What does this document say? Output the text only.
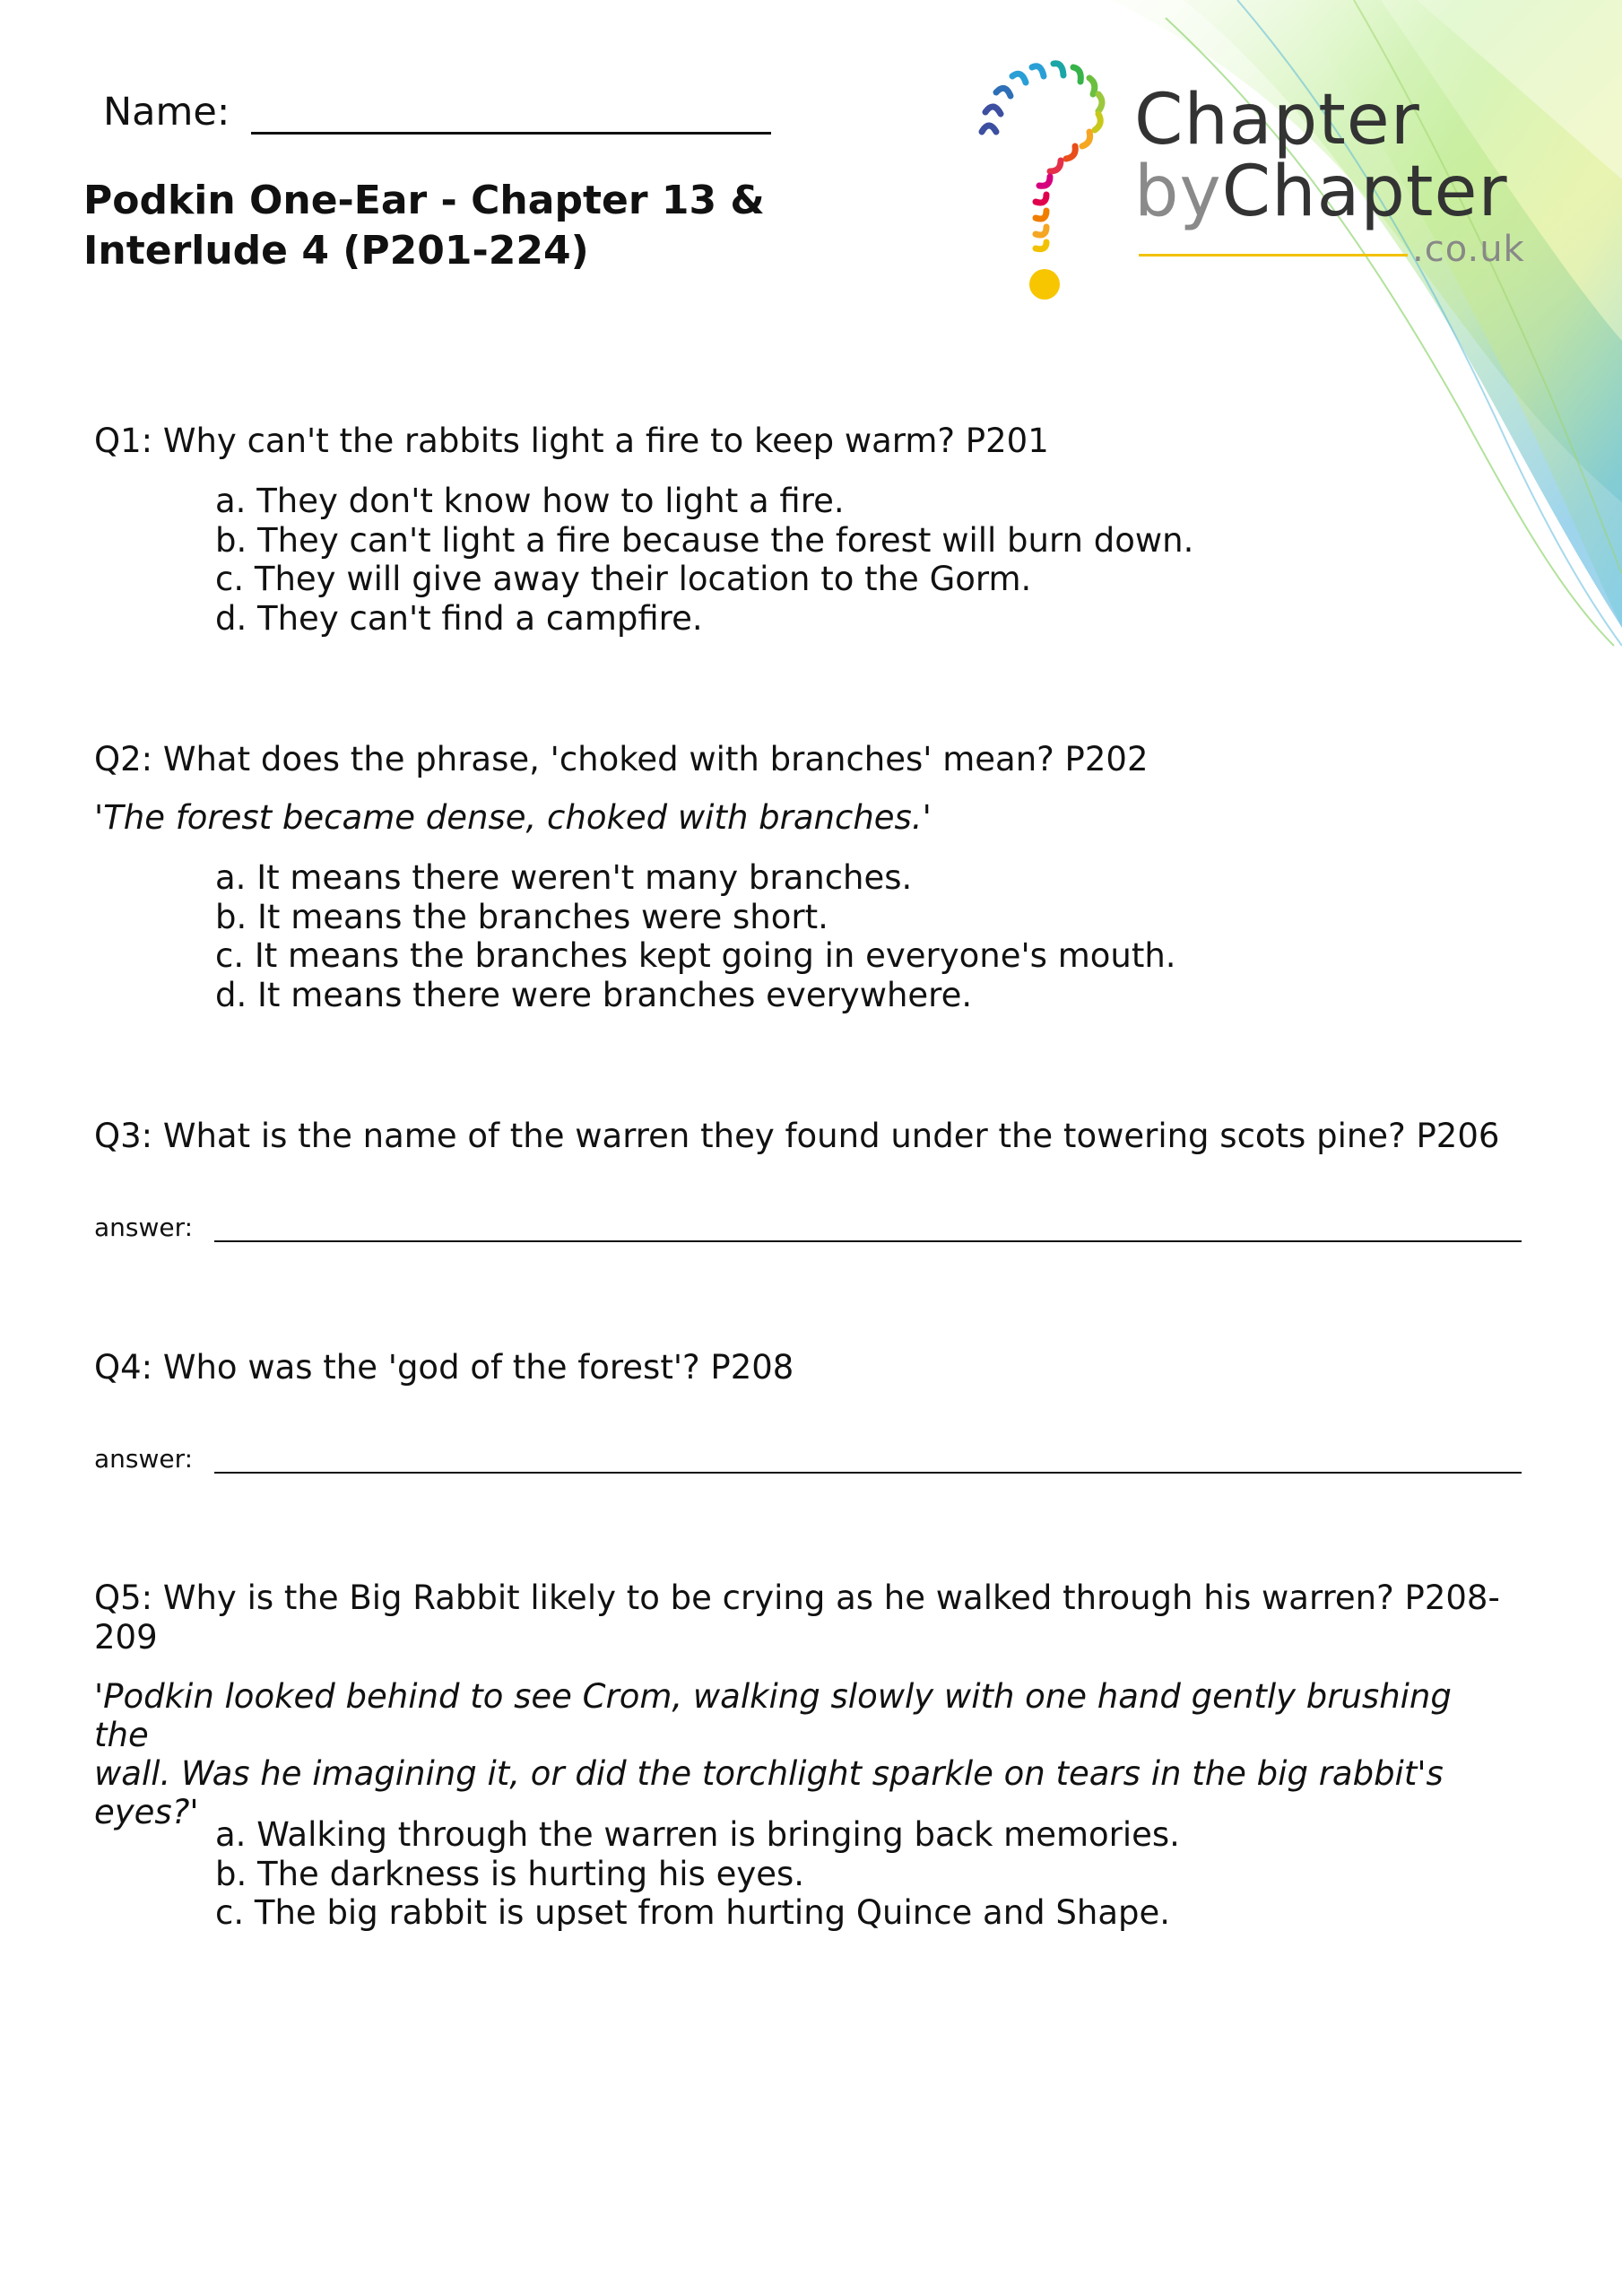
Name:
Podkin One-Ear - Chapter 13 &
Interlude 4 (P201-224)
Chapter
byChapter
.co.uk
Q1: Why can't the rabbits light a fire to keep warm? P201
a. They don't know how to light a fire.
b. They can't light a fire because the forest will burn down.
c. They will give away their location to the Gorm.
d. They can't find a campfire.
Q2: What does the phrase, 'choked with branches' mean? P202
'The forest became dense, choked with branches.'
a. It means there weren't many branches.
b. It means the branches were short.
c. It means the branches kept going in everyone's mouth.
d. It means there were branches everywhere.
Q3: What is the name of the warren they found under the towering scots pine? P206
answer:
Q4: Who was the 'god of the forest'? P208
answer:
Q5: Why is the Big Rabbit likely to be crying as he walked through his warren? P208-
209
'Podkin looked behind to see Crom, walking slowly with one hand gently brushing the
wall. Was he imagining it, or did the torchlight sparkle on tears in the big rabbit's
eyes?'
a. Walking through the warren is bringing back memories.
b. The darkness is hurting his eyes.
c. The big rabbit is upset from hurting Quince and Shape.
